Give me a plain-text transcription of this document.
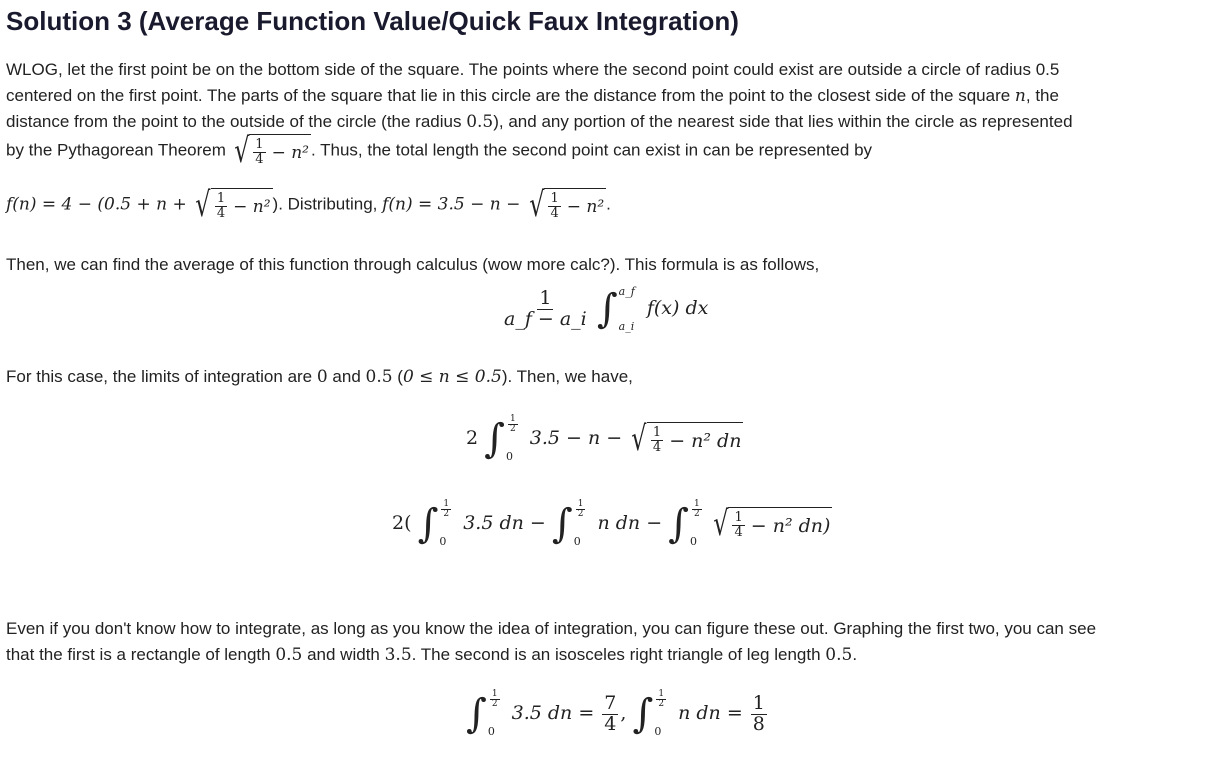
Solution 3 (Average Function Value/Quick Faux Integration)
WLOG, let the first point be on the bottom side of the square. The points where the second point could exist are outside a circle of radius 0.5
centered on the first point. The parts of the square that lie in this circle are the distance from the point to the closest side of the square n, the
distance from the point to the outside of the circle (the radius 0.5), and any portion of the nearest side that lies within the circle as represented
by the Pythagorean Theorem √ $\frac{1}{4} - n^2$ . Thus, the total length the second point can exist in can be represented by
f(n) = 4 − (0.5 + n + √ $\frac{1}{4} - n^2$ ). Distributing, f(n) = 3.5 − n − √ $\frac{1}{4} - n^2$ .
Then, we can find the average of this function through calculus (wow more calc?). This formula is as follows,
$\frac{1}{a\_f - a\_i}$
∫ a_f
a_i
f(x) dx
For this case, the limits of integration are 0 and 0.5 (0 ≤ n ≤ 0.5). Then, we have,
2 ∫ $\frac{1}{2}$
0
3.5 − n − √ $\frac{1}{4} - n^2$ dn
2( ∫ $\frac{1}{2}$
0
3.5 dn − ∫ $\frac{1}{2}$
0
n dn − ∫ $\frac{1}{2}$
0
√ $\frac{1}{4} - n^2$ dn)
Even if you don't know how to integrate, as long as you know the idea of integration, you can figure these out. Graphing the first two, you can see
that the first is a rectangle of length 0.5 and width 3.5. The second is an isosceles right triangle of leg length 0.5.
∫ $\frac{1}{2}$
0
3.5 dn = $\frac{7}{4}$ , ∫ $\frac{1}{2}$
0
n dn = $\frac{1}{8}$
